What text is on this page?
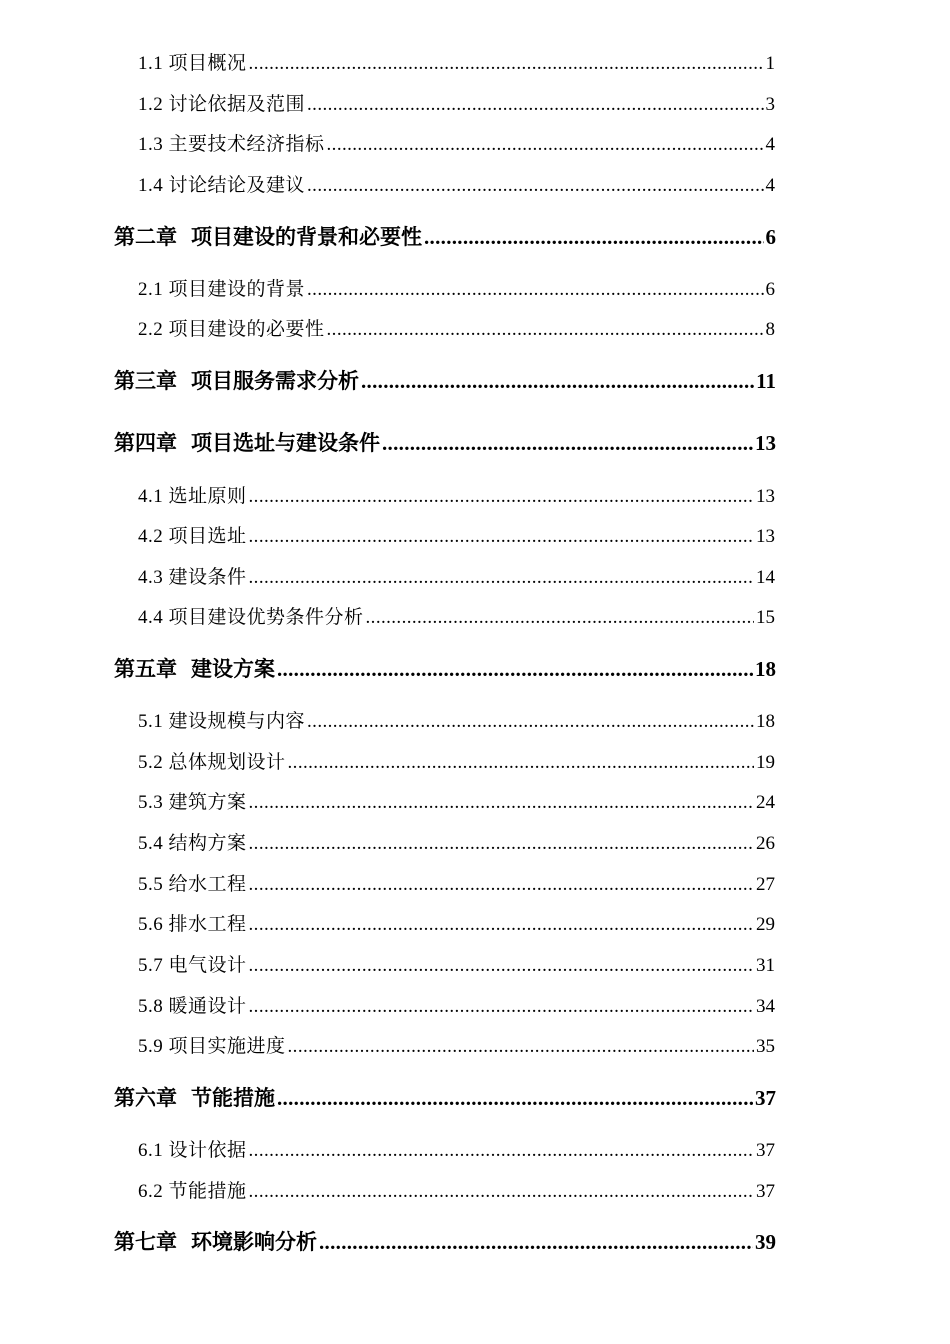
1.1 项目概况 .....	1
1.2 讨论依据及范围 .....	3
1.3 主要技术经济指标 .....	4
1.4 讨论结论及建议 .....	4
第二章 项目建设的背景和必要性 .....	6
2.1 项目建设的背景 .....	6
2.2 项目建设的必要性 .....	8
第三章 项目服务需求分析 .....	11
第四章 项目选址与建设条件 .....	13
4.1 选址原则 .....	13
4.2 项目选址 .....	13
4.3 建设条件 .....	14
4.4 项目建设优势条件分析 .....	15
第五章 建设方案 .....	18
5.1 建设规模与内容 .....	18
5.2 总体规划设计 .....	19
5.3 建筑方案 .....	24
5.4 结构方案 .....	26
5.5 给水工程 .....	27
5.6 排水工程 .....	29
5.7 电气设计 .....	31
5.8 暖通设计 .....	34
5.9 项目实施进度 .....	35
第六章 节能措施 .....	37
6.1 设计依据 .....	37
6.2 节能措施 .....	37
第七章 环境影响分析 .....	39
